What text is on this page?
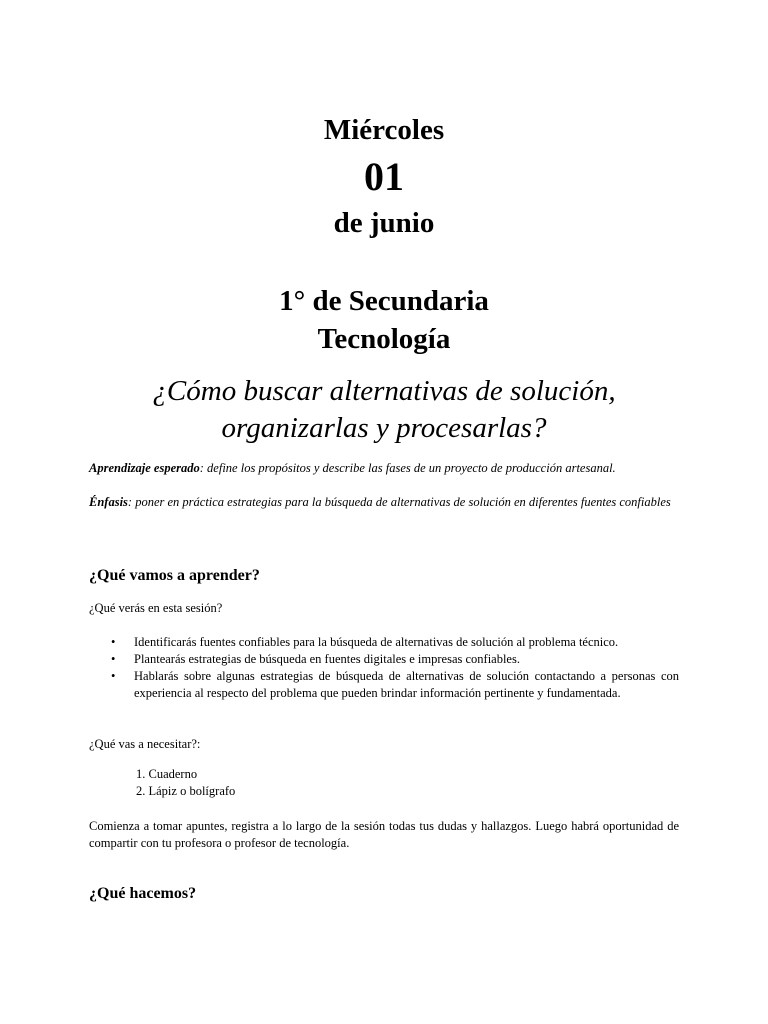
Miércoles
01
de junio
1° de Secundaria
Tecnología
¿Cómo buscar alternativas de solución,
organizarlas y procesarlas?
Aprendizaje esperado: define los propósitos y describe las fases de un proyecto de producción artesanal.
Énfasis: poner en práctica estrategias para la búsqueda de alternativas de solución en diferentes fuentes confiables
¿Qué vamos a aprender?
¿Qué verás en esta sesión?
• Identificarás fuentes confiables para la búsqueda de alternativas de solución al problema técnico.
• Plantearás estrategias de búsqueda en fuentes digitales e impresas confiables.
• Hablarás sobre algunas estrategias de búsqueda de alternativas de solución contactando a personas con experiencia al respecto del problema que pueden brindar información pertinente y fundamentada.
¿Qué vas a necesitar?:
1. Cuaderno
2. Lápiz o bolígrafo
Comienza a tomar apuntes, registra a lo largo de la sesión todas tus dudas y hallazgos. Luego habrá oportunidad de compartir con tu profesora o profesor de tecnología.
¿Qué hacemos?
